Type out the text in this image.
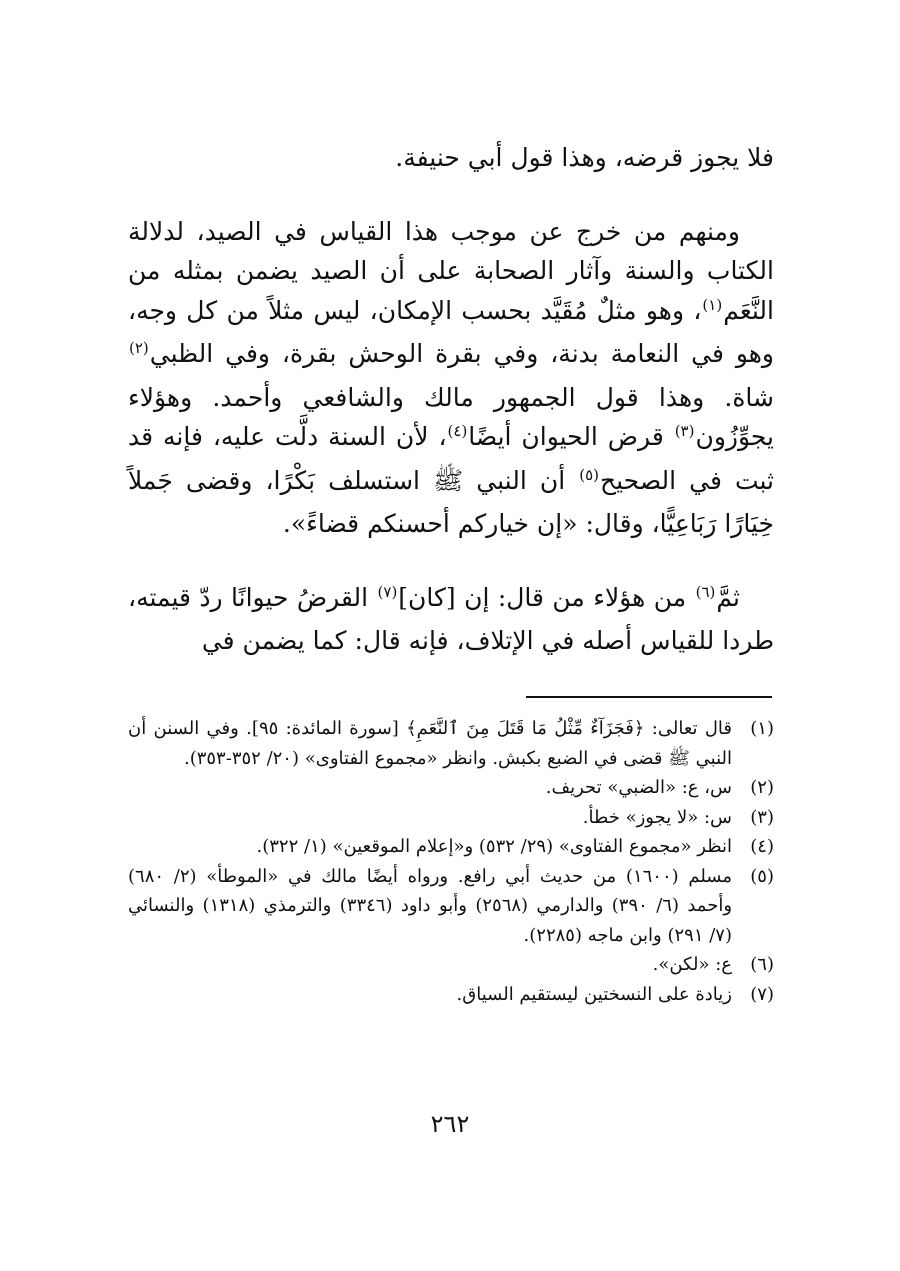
فلا يجوز قرضه، وهذا قول أبي حنيفة.

ومنهم من خرج عن موجب هذا القياس في الصيد، لدلالة الكتاب والسنة وآثار الصحابة على أن الصيد يضمن بمثله من النَّعَم$^{(١)}$، وهو مثلٌ مُقَيَّد بحسب الإمكان، ليس مثلاً من كل وجه، وهو في النعامة بدنة، وفي بقرة الوحش بقرة، وفي الظبي$^{(٢)}$ شاة. وهذا قول الجمهور مالك والشافعي وأحمد. وهؤلاء يجوِّزُون$^{(٣)}$ قرض الحيوان أيضًا$^{(٤)}$، لأن السنة دلَّت عليه، فإنه قد ثبت في الصحيح$^{(٥)}$ أن النبي ﷺ استسلف بَكْرًا، وقضى جَملاً خِيَارًا رَبَاعِيًّا، وقال: «إن خياركم أحسنكم قضاءً».

ثمَّ$^{(٦)}$ من هؤلاء من قال: إن [كان]$^{(٧)}$ القرضُ حيوانًا ردّ قيمته، طردا للقياس أصله في الإتلاف، فإنه قال: كما يضمن في

(١)
قال تعالى: ﴿فَجَزَآءٌ مِّثْلُ مَا قَتَلَ مِنَ ٱلنَّعَمِ﴾ [سورة المائدة: ٩٥]. وفي السنن أن النبي ﷺ قضى في الضبع بكبش. وانظر «مجموع الفتاوى» (٢٠/ ٣٥٢-٣٥٣).
(٢)
س، ع: «الضبي» تحريف.
(٣)
س: «لا يجوز» خطأ.
(٤)
انظر «مجموع الفتاوى» (٢٩/ ٥٣٢) و«إعلام الموقعين» (١/ ٣٢٢).
(٥)
مسلم (١٦٠٠) من حديث أبي رافع. ورواه أيضًا مالك في «الموطأ» (٢/ ٦٨٠) وأحمد (٦/ ٣٩٠) والدارمي (٢٥٦٨) وأبو داود (٣٣٤٦) والترمذي (١٣١٨) والنسائي (٧/ ٢٩١) وابن ماجه (٢٢٨٥).
(٦)
ع: «لكن».
(٧)
زيادة على النسختين ليستقيم السياق.
٢٦٢
